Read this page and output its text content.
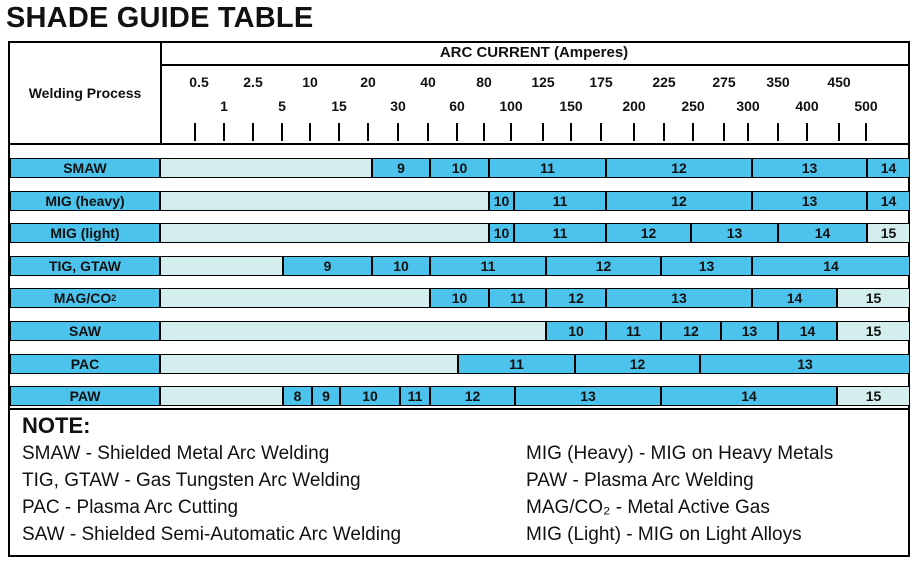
SHADE GUIDE TABLE
Welding Process
ARC CURRENT (Amperes)
0.5 2.5	10	20	40	80	125 175	225	275 350	450
1	5	15	30	60 100	150	200	250 300	400	500
SMAW	9	10	11	12	13	14
MIG (heavy)	10	11	12	13	14
MIG (light)	10	11	12	13	14	15
TIG, GTAW	9	10	11	12	13	14
MAG/CO 2	10	11	12	13	14	15
SAW	10	11	12	13	14	15
PAC	11	12	13
PAW	8	9	10	11	12	13	14	15
NOTE:
SMAW - Shielded Metal Arc Welding
TIG, GTAW - Gas Tungsten Arc Welding
PAC - Plasma Arc Cutting
SAW - Shielded Semi-Automatic Arc Welding
MIG (Heavy) - MIG on Heavy Metals
PAW - Plasma Arc Welding
MAG/CO₂ - Metal Active Gas
MIG (Light) - MIG on Light Alloys
